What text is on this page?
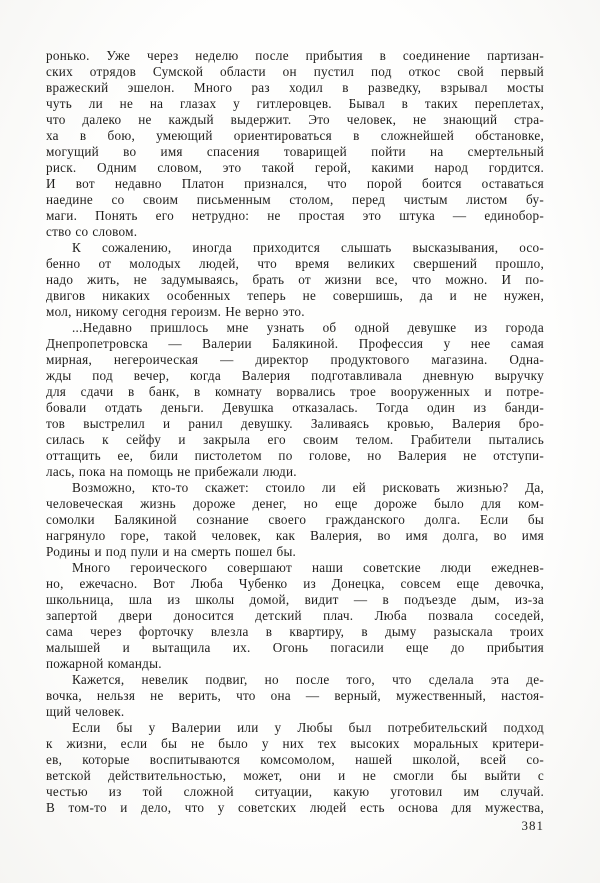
ронько. Уже через неделю после прибытия в соединение партизан-
ских отрядов Сумской области он пустил под откос свой первый
вражеский эшелон. Много раз ходил в разведку, взрывал мосты
чуть ли не на глазах у гитлеровцев. Бывал в таких переплетах,
что далеко не каждый выдержит. Это человек, не знающий стра-
ха в бою, умеющий ориентироваться в сложнейшей обстановке,
могущий во имя спасения товарищей пойти на смертельный
риск. Одним словом, это такой герой, какими народ гордится.
И вот недавно Платон признался, что порой боится оставаться
наедине со своим письменным столом, перед чистым листом бу-
маги. Понять его нетрудно: не простая это штука — единобор-
ство со словом.
К сожалению, иногда приходится слышать высказывания, осо-
бенно от молодых людей, что время великих свершений прошло,
надо жить, не задумываясь, брать от жизни все, что можно. И по-
двигов никаких особенных теперь не совершишь, да и не нужен,
мол, никому сегодня героизм. Не верно это.
...Недавно пришлось мне узнать об одной девушке из города
Днепропетровска — Валерии Балякиной. Профессия у нее самая
мирная, негероическая — директор продуктового магазина. Одна-
жды под вечер, когда Валерия подготавливала дневную выручку
для сдачи в банк, в комнату ворвались трое вооруженных и потре-
бовали отдать деньги. Девушка отказалась. Тогда один из банди-
тов выстрелил и ранил девушку. Заливаясь кровью, Валерия бро-
силась к сейфу и закрыла его своим телом. Грабители пытались
оттащить ее, били пистолетом по голове, но Валерия не отступи-
лась, пока на помощь не прибежали люди.
Возможно, кто-то скажет: стоило ли ей рисковать жизнью? Да,
человеческая жизнь дороже денег, но еще дороже было для ком-
сомолки Балякиной сознание своего гражданского долга. Если бы
нагрянуло горе, такой человек, как Валерия, во имя долга, во имя
Родины и под пули и на смерть пошел бы.
Много героического совершают наши советские люди ежеднев-
но, ежечасно. Вот Люба Чубенко из Донецка, совсем еще девочка,
школьница, шла из школы домой, видит — в подъезде дым, из-за
запертой двери доносится детский плач. Люба позвала соседей,
сама через форточку влезла в квартиру, в дыму разыскала троих
малышей и вытащила их. Огонь погасили еще до прибытия
пожарной команды.
Кажется, невелик подвиг, но после того, что сделала эта де-
вочка, нельзя не верить, что она — верный, мужественный, настоя-
щий человек.
Если бы у Валерии или у Любы был потребительский подход
к жизни, если бы не было у них тех высоких моральных критери-
ев, которые воспитываются комсомолом, нашей школой, всей со-
ветской действительностью, может, они и не смогли бы выйти с
честью из той сложной ситуации, какую уготовил им случай.
В том-то и дело, что у советских людей есть основа для мужества,
381
